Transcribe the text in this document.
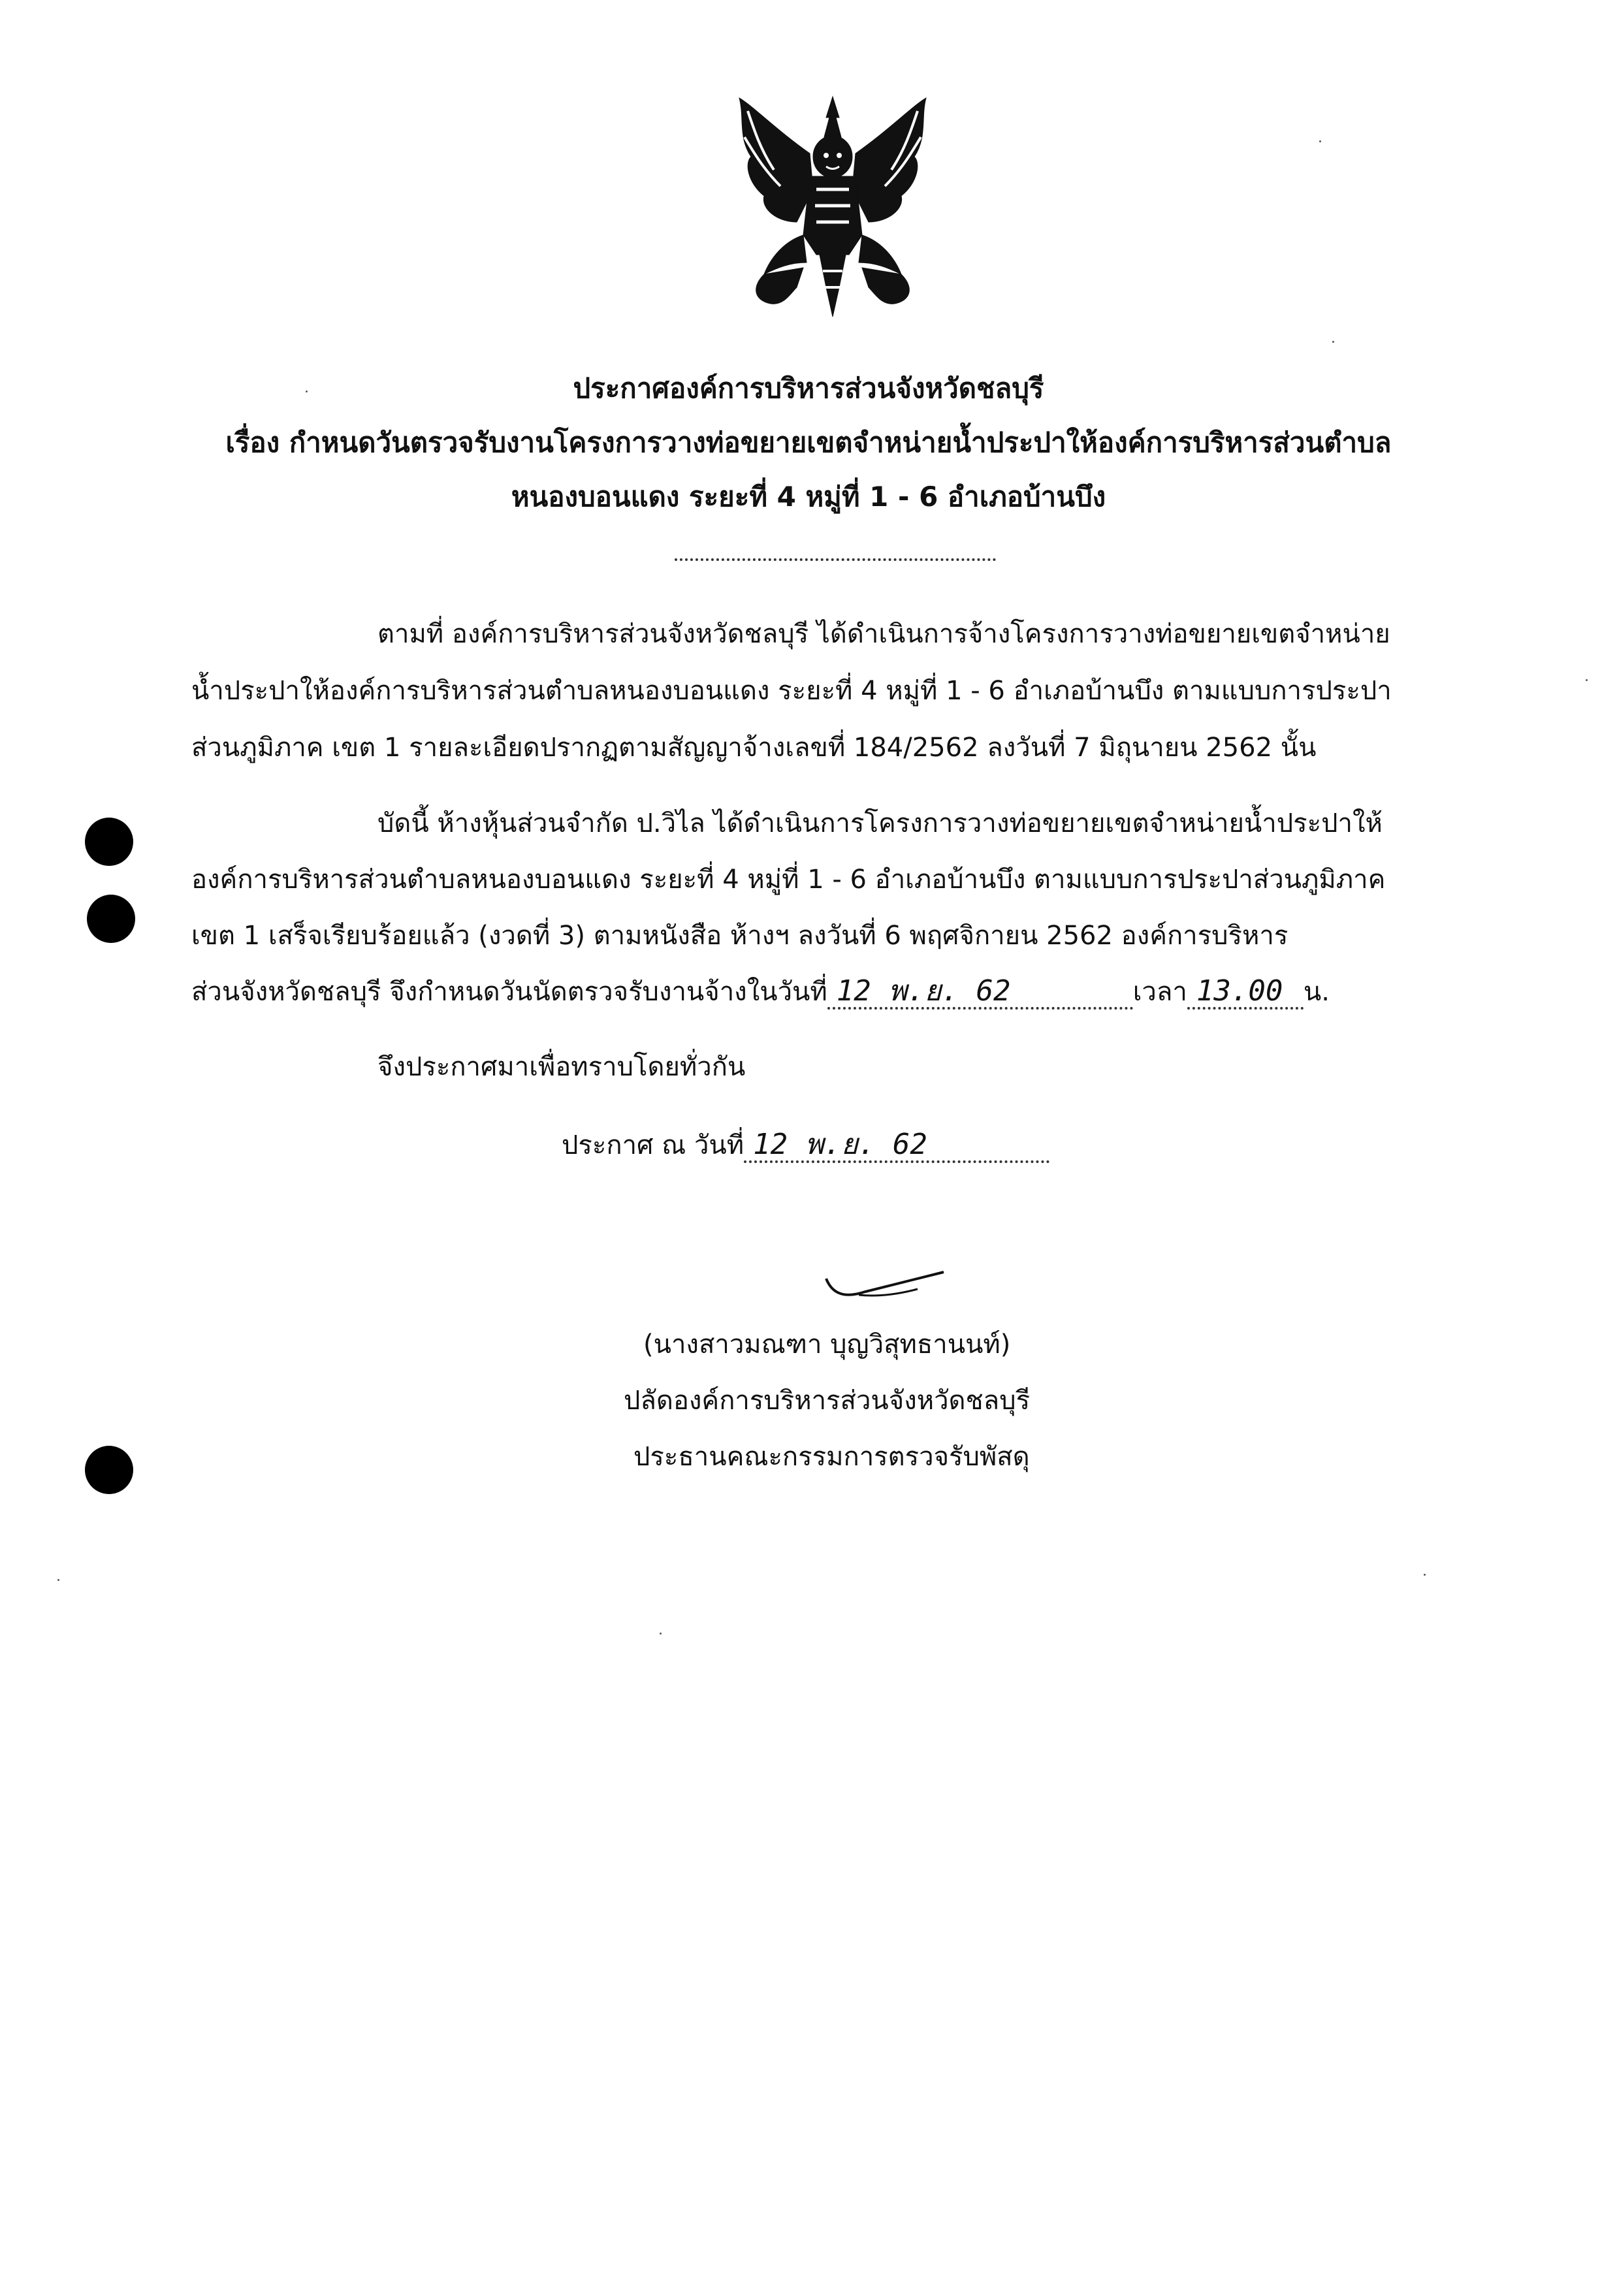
ประกาศองค์การบริหารส่วนจังหวัดชลบุรี
เรื่อง กำหนดวันตรวจรับงานโครงการวางท่อขยายเขตจำหน่ายน้ำประปาให้องค์การบริหารส่วนตำบล
หนองบอนแดง ระยะที่ 4 หมู่ที่ 1 - 6 อำเภอบ้านบึง
ตามที่ องค์การบริหารส่วนจังหวัดชลบุรี ได้ดำเนินการจ้างโครงการวางท่อขยายเขตจำหน่าย
น้ำประปาให้องค์การบริหารส่วนตำบลหนองบอนแดง ระยะที่ 4 หมู่ที่ 1 - 6 อำเภอบ้านบึง ตามแบบการประปา
ส่วนภูมิภาค เขต 1 รายละเอียดปรากฏตามสัญญาจ้างเลขที่ 184/2562 ลงวันที่ 7 มิถุนายน 2562 นั้น
บัดนี้ ห้างหุ้นส่วนจำกัด ป.วิไล ได้ดำเนินการโครงการวางท่อขยายเขตจำหน่ายน้ำประปาให้
องค์การบริหารส่วนตำบลหนองบอนแดง ระยะที่ 4 หมู่ที่ 1 - 6 อำเภอบ้านบึง ตามแบบการประปาส่วนภูมิภาค
เขต 1 เสร็จเรียบร้อยแล้ว (งวดที่ 3) ตามหนังสือ ห้างฯ ลงวันที่ 6 พฤศจิกายน 2562 องค์การบริหาร
ส่วนจังหวัดชลบุรี จึงกำหนดวันนัดตรวจรับงานจ้างในวันที่ 12 พ.ย. 62	เวลา 13.00 น.
จึงประกาศมาเพื่อทราบโดยทั่วกัน
ประกาศ ณ วันที่ 12 พ.ย. 62
(นางสาวมณฑา บุญวิสุทธานนท์)
ปลัดองค์การบริหารส่วนจังหวัดชลบุรี
ประธานคณะกรรมการตรวจรับพัสดุ
